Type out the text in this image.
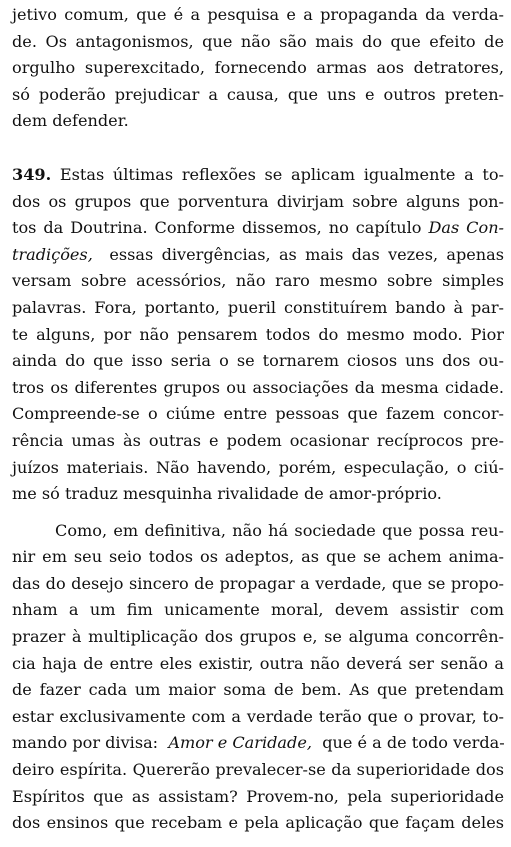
jetivo comum, que é a pesquisa e a propaganda da verda-
de. Os antagonismos, que não são mais do que efeito de
orgulho superexcitado, fornecendo armas aos detratores,
só poderão prejudicar a causa, que uns e outros preten-
dem defender.
349. Estas últimas reflexões se aplicam igualmente a to-
dos os grupos que porventura divirjam sobre alguns pon-
tos da Doutrina. Conforme dissemos, no capítulo Das Con-
tradições, essas divergências, as mais das vezes, apenas
versam sobre acessórios, não raro mesmo sobre simples
palavras. Fora, portanto, pueril constituírem bando à par-
te alguns, por não pensarem todos do mesmo modo. Pior
ainda do que isso seria o se tornarem ciosos uns dos ou-
tros os diferentes grupos ou associações da mesma cidade.
Compreende-se o ciúme entre pessoas que fazem concor-
rência umas às outras e podem ocasionar recíprocos pre-
juízos materiais. Não havendo, porém, especulação, o ciú-
me só traduz mesquinha rivalidade de amor-próprio.
Como, em definitiva, não há sociedade que possa reu-
nir em seu seio todos os adeptos, as que se achem anima-
das do desejo sincero de propagar a verdade, que se propo-
nham a um fim unicamente moral, devem assistir com
prazer à multiplicação dos grupos e, se alguma concorrên-
cia haja de entre eles existir, outra não deverá ser senão a
de fazer cada um maior soma de bem. As que pretendam
estar exclusivamente com a verdade terão que o provar, to-
mando por divisa:  Amor e Caridade, que é a de todo verda-
deiro espírita. Quererão prevalecer-se da superioridade dos
Espíritos que as assistam? Provem-no, pela superioridade
dos ensinos que recebam e pela aplicação que façam deles
